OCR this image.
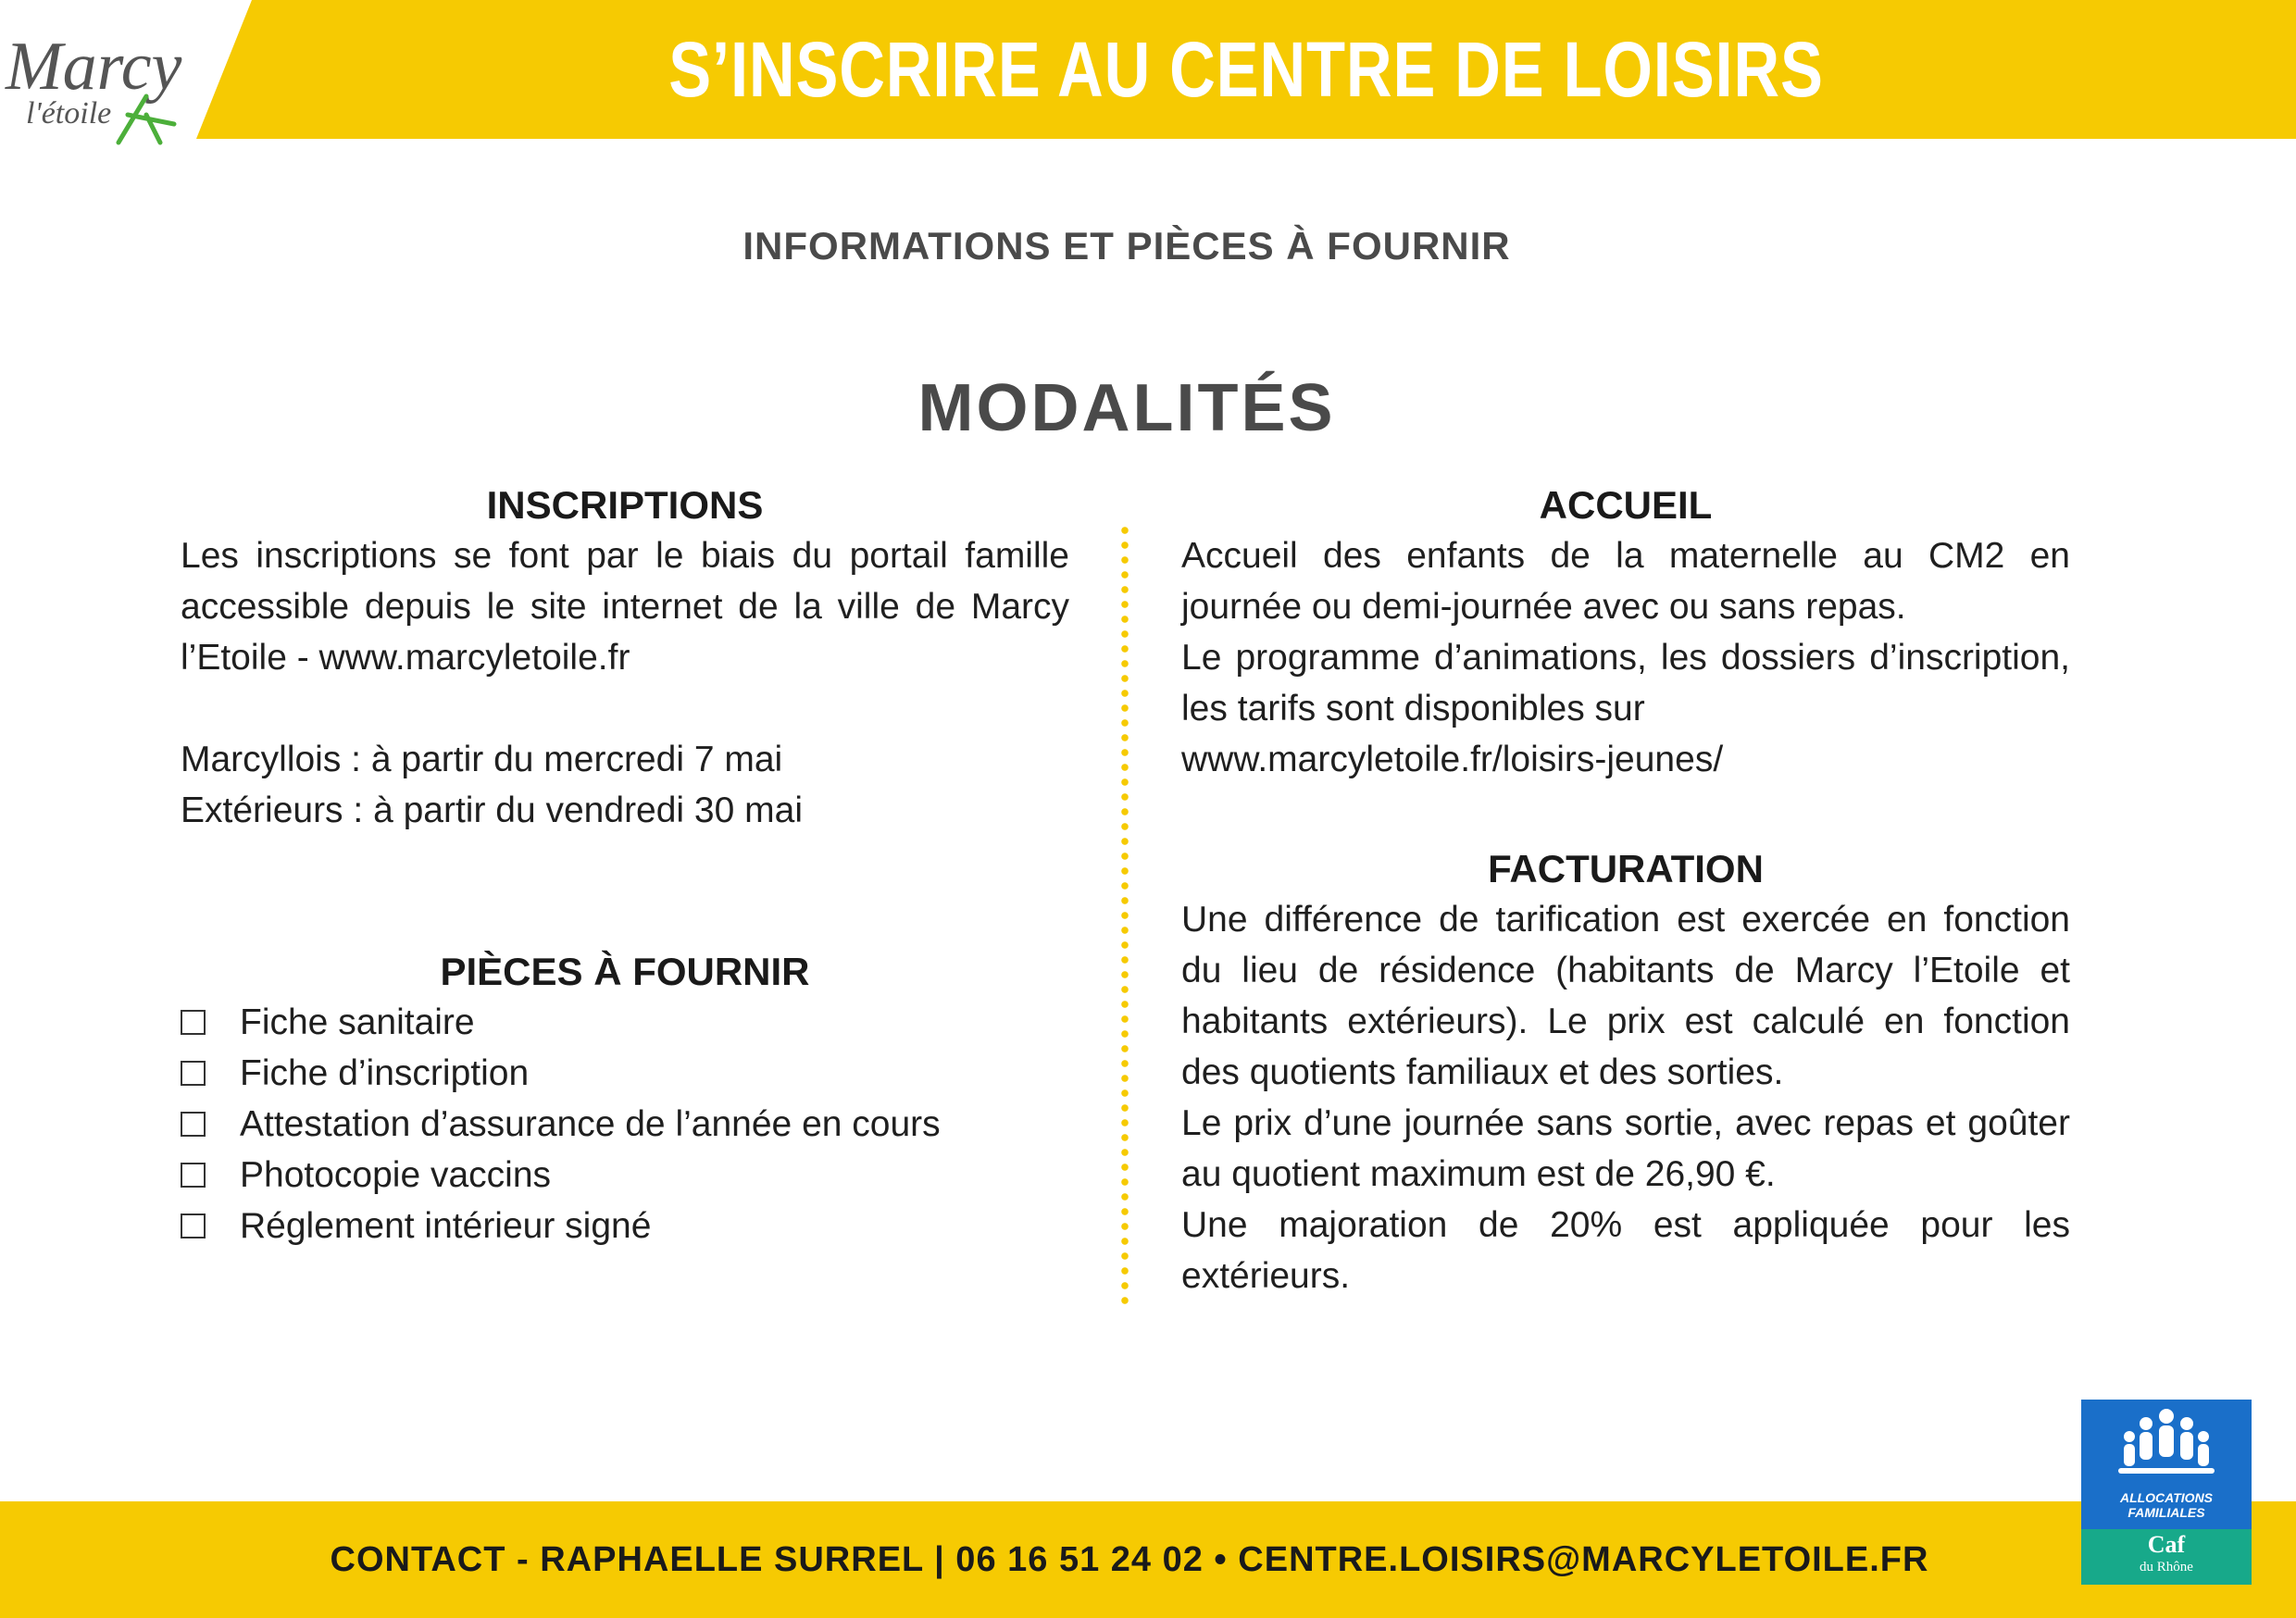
Marcy
l'étoile
S’INSCRIRE AU CENTRE DE LOISIRS
INFORMATIONS ET PIÈCES À FOURNIR
MODALITÉS
INSCRIPTIONS

Les inscriptions se font par le biais du portail famille accessible depuis le site internet de la ville de Marcy l’Etoile - www.marcyletoile.fr

Marcyllois : à partir du mercredi 7 mai

Extérieurs : à partir du vendredi 30 mai

PIÈCES À FOURNIR
Fiche sanitaire
Fiche d’inscription
Attestation d’assurance de l’année en cours
Photocopie vaccins
Réglement intérieur signé
ACCUEIL

Accueil des enfants de la maternelle au CM2 en journée ou demi-journée avec ou sans repas.

Le programme d’animations, les dossiers d’inscription, les tarifs sont disponibles sur

www.marcyletoile.fr/loisirs-jeunes/

FACTURATION

Une différence de tarification est exercée en fonction du lieu de résidence (habitants de Marcy l’Etoile et habitants extérieurs). Le prix est calculé en fonction des quotients familiaux et des sorties.

Le prix d’une journée sans sortie, avec repas et goûter au quotient maximum est de 26,90 €.

Une majoration de 20% est appliquée pour les extérieurs.

CONTACT - RAPHAELLE SURREL | 06 16 51 24 02 • CENTRE.LOISIRS@MARCYLETOILE.FR
ALLOCATIONS
FAMILIALES
Caf
du Rhône
